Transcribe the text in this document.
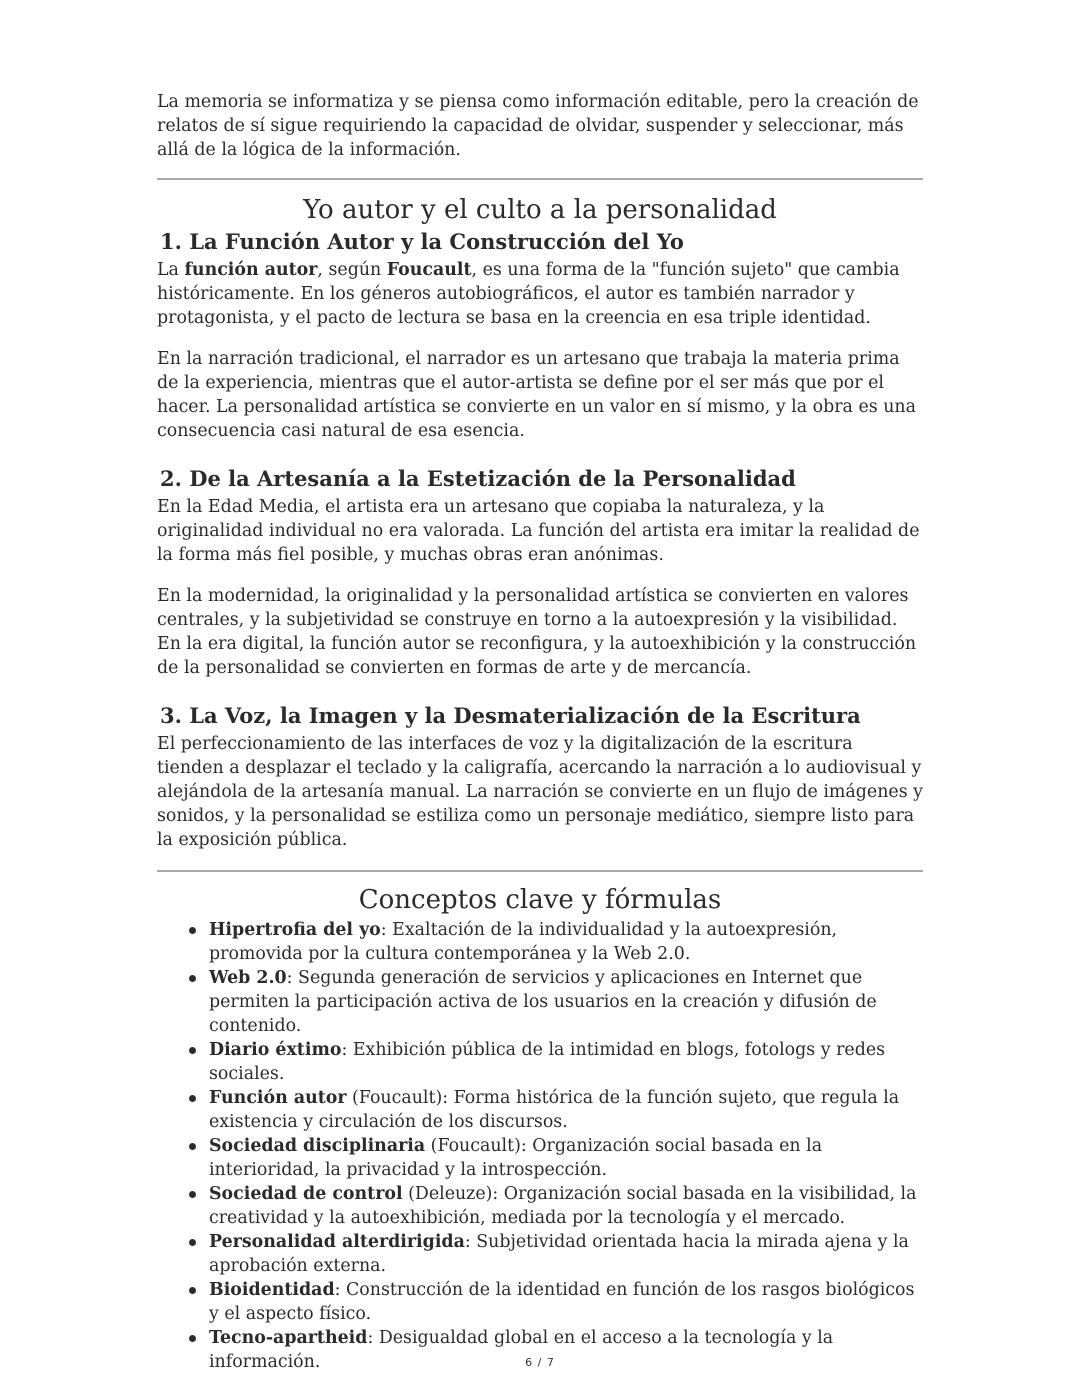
La memoria se informatiza y se piensa como información editable, pero la creación de relatos de sí sigue requiriendo la capacidad de olvidar, suspender y seleccionar, más allá de la lógica de la información.

Yo autor y el culto a la personalidad
1. La Función Autor y la Construcción del Yo

La función autor, según Foucault, es una forma de la "función sujeto" que cambia históricamente. En los géneros autobiográficos, el autor es también narrador y protagonista, y el pacto de lectura se basa en la creencia en esa triple identidad.

En la narración tradicional, el narrador es un artesano que trabaja la materia prima de la experiencia, mientras que el autor-artista se define por el ser más que por el hacer. La personalidad artística se convierte en un valor en sí mismo, y la obra es una consecuencia casi natural de esa esencia.

2. De la Artesanía a la Estetización de la Personalidad

En la Edad Media, el artista era un artesano que copiaba la naturaleza, y la originalidad individual no era valorada. La función del artista era imitar la realidad de la forma más fiel posible, y muchas obras eran anónimas.

En la modernidad, la originalidad y la personalidad artística se convierten en valores centrales, y la subjetividad se construye en torno a la autoexpresión y la visibilidad. En la era digital, la función autor se reconfigura, y la autoexhibición y la construcción de la personalidad se convierten en formas de arte y de mercancía.

3. La Voz, la Imagen y la Desmaterialización de la Escritura

El perfeccionamiento de las interfaces de voz y la digitalización de la escritura tienden a desplazar el teclado y la caligrafía, acercando la narración a lo audiovisual y alejándola de la artesanía manual. La narración se convierte en un flujo de imágenes y sonidos, y la personalidad se estiliza como un personaje mediático, siempre listo para la exposición pública.

Conceptos clave y fórmulas
Hipertrofia del yo: Exaltación de la individualidad y la autoexpresión, promovida por la cultura contemporánea y la Web 2.0.
Web 2.0: Segunda generación de servicios y aplicaciones en Internet que permiten la participación activa de los usuarios en la creación y difusión de contenido.
Diario éxtimo: Exhibición pública de la intimidad en blogs, fotologs y redes sociales.
Función autor (Foucault): Forma histórica de la función sujeto, que regula la existencia y circulación de los discursos.
Sociedad disciplinaria (Foucault): Organización social basada en la interioridad, la privacidad y la introspección.
Sociedad de control (Deleuze): Organización social basada en la visibilidad, la creatividad y la autoexhibición, mediada por la tecnología y el mercado.
Personalidad alterdirigida: Subjetividad orientada hacia la mirada ajena y la aprobación externa.
Bioidentidad: Construcción de la identidad en función de los rasgos biológicos y el aspecto físico.
Tecno-apartheid: Desigualdad global en el acceso a la tecnología y la información.	6 / 7
